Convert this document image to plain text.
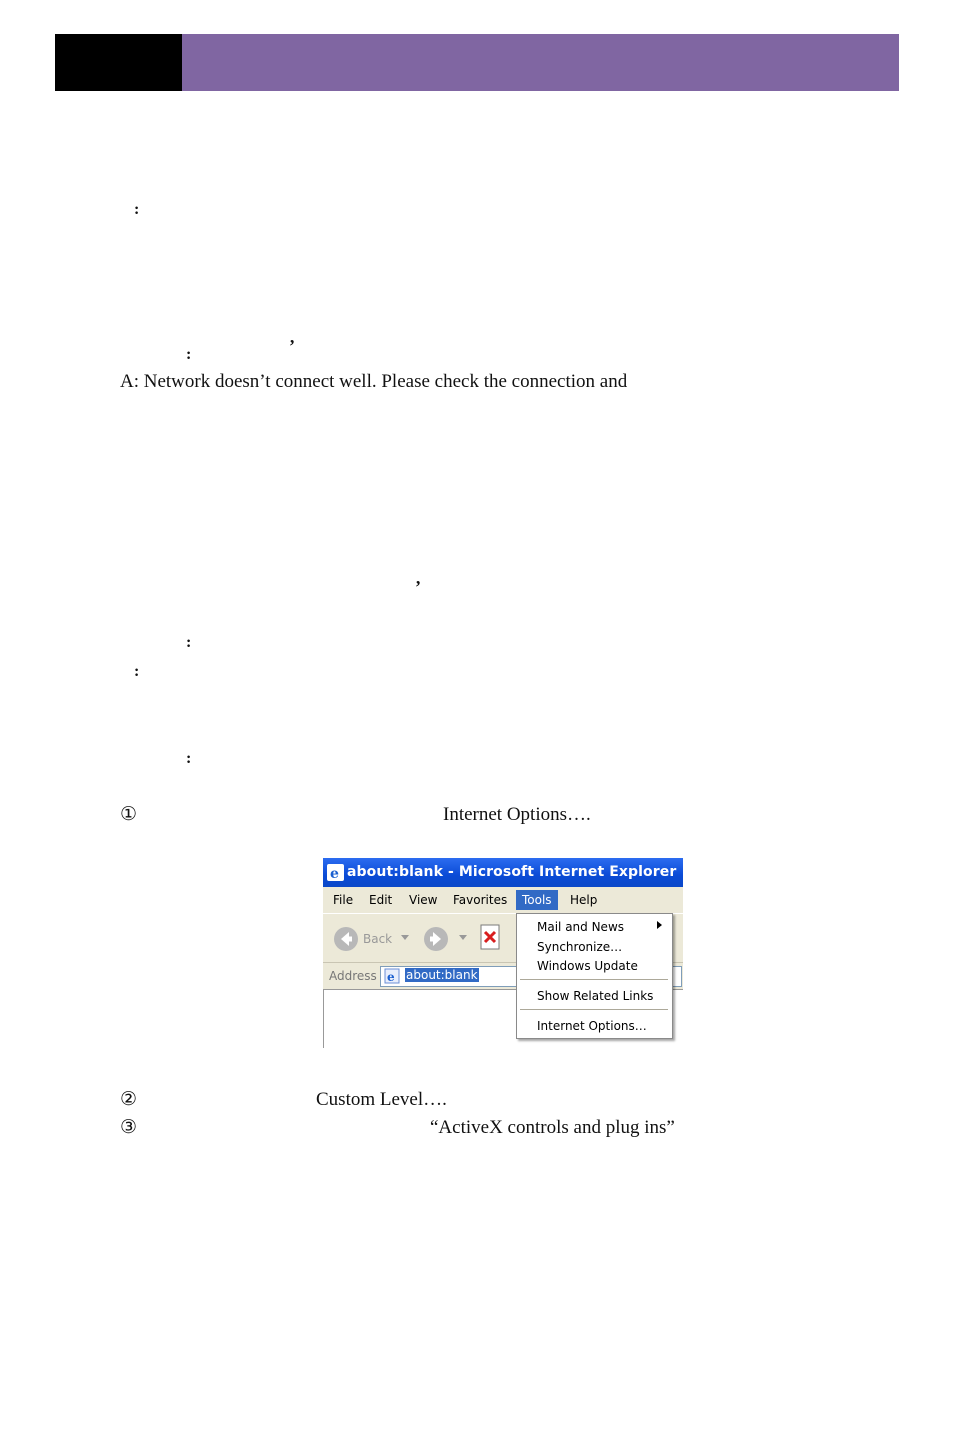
:
:	’
A: Network doesn’t connect well. Please check the connection and
’
:
:
:
①	Internet Options….
e about:blank - Microsoft Internet Explorer
File Edit View Favorites	Tools	Help
Back
Address e about:blank
Mail and News
Synchronize…
Windows Update
Show Related Links
Internet Options…
②	Custom Level….
③	“ActiveX controls and plug ins”
